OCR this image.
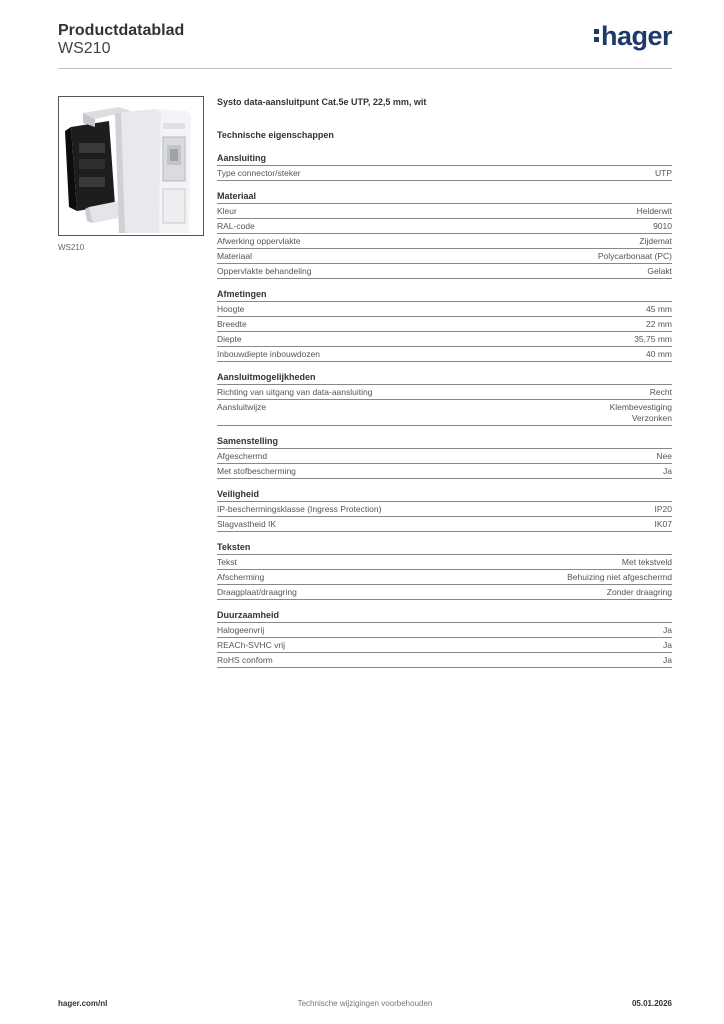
Productdatablad
WS210	hager
WS210
Systo data-aansluitpunt Cat.5e UTP, 22,5 mm, wit
Technische eigenschappen
Aansluiting
Type connector/steker	UTP
Materiaal
Kleur	Helderwit
RAL-code	9010
Afwerking oppervlakte	Zijdemat
Materiaal	Polycarbonaat (PC)
Oppervlakte behandeling	Gelakt
Afmetingen
Hoogte	45 mm
Breedte	22 mm
Diepte	35,75 mm
Inbouwdiepte inbouwdozen	40 mm
Aansluitmogelijkheden
Richting van uitgang van data-aansluiting	Recht
Aansluitwijze	Klembevestiging
Verzonken
Samenstelling
Afgeschermd	Nee
Met stofbescherming	Ja
Veiligheid
IP-beschermingsklasse (Ingress Protection)	IP20
Slagvastheid IK	IK07
Teksten
Tekst	Met tekstveld
Afscherming	Behuizing niet afgeschermd
Draagplaat/draagring	Zonder draagring
Duurzaamheid
Halogeenvrij	Ja
REACh-SVHC vrij	Ja
RoHS conform	Ja
hager.com/nl	Technische wijzigingen voorbehouden	05.01.2026
